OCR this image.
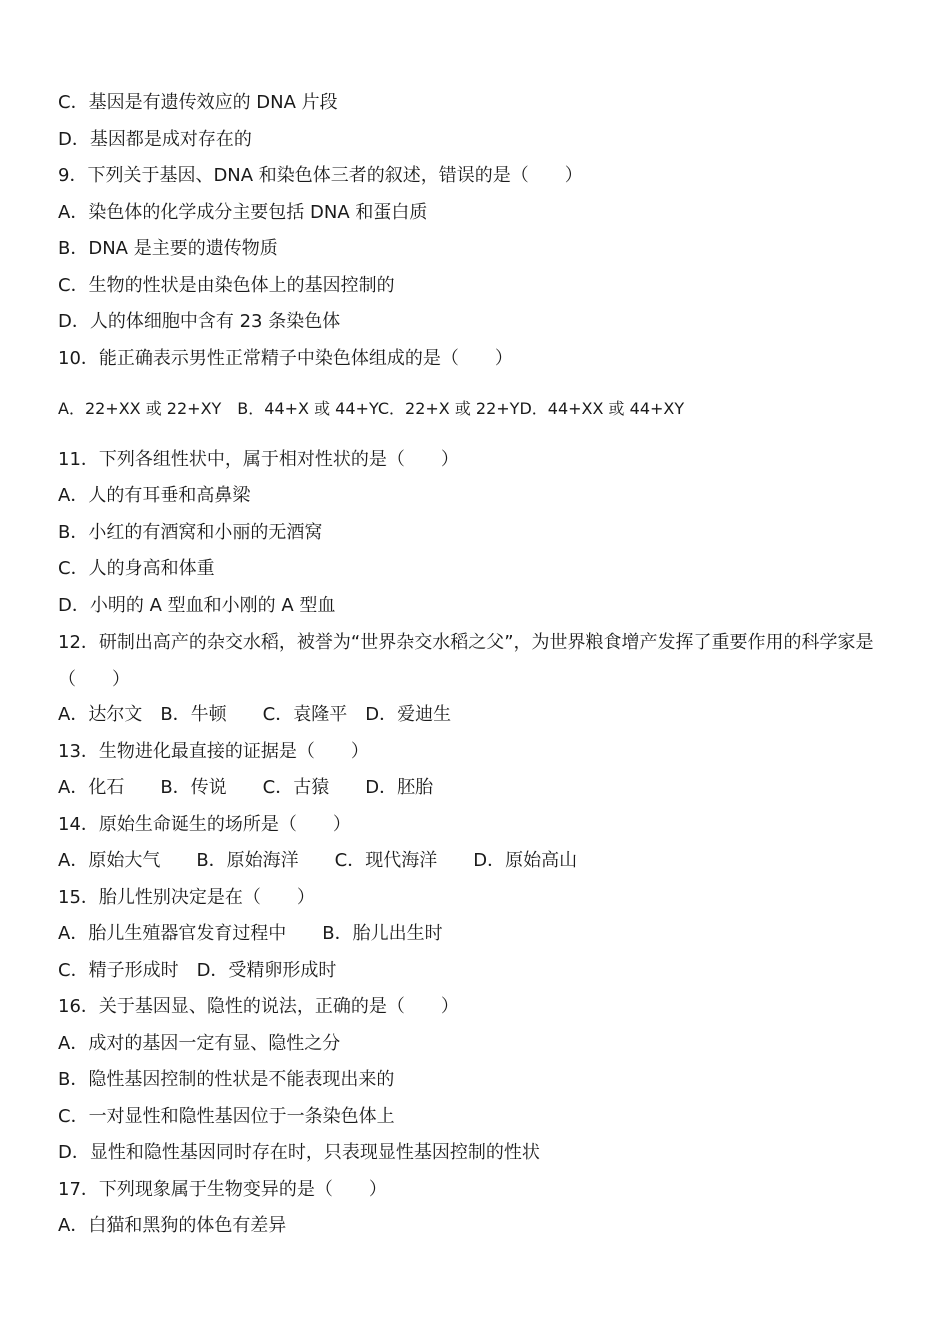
C．基因是有遗传效应的 DNA 片段
D．基因都是成对存在的
9．下列关于基因、DNA 和染色体三者的叙述，错误的是（　　）
A．染色体的化学成分主要包括 DNA 和蛋白质
B．DNA 是主要的遗传物质
C．生物的性状是由染色体上的基因控制的
D．人的体细胞中含有 23 条染色体
10．能正确表示男性正常精子中染色体组成的是（　　）
A．22+XX 或 22+XY　B．44+X 或 44+YC．22+X 或 22+YD．44+XX 或 44+XY
11．下列各组性状中，属于相对性状的是（　　）
A．人的有耳垂和高鼻梁
B．小红的有酒窝和小丽的无酒窝
C．人的身高和体重
D．小明的 A 型血和小刚的 A 型血
12．研制出高产的杂交水稻，被誉为“世界杂交水稻之父”，为世界粮食增产发挥了重要作用的科学家是（　　）
A．达尔文　B．牛顿　　C．袁隆平　D．爱迪生
13．生物进化最直接的证据是（　　）
A．化石　　B．传说　　C．古猿　　D．胚胎
14．原始生命诞生的场所是（　　）
A．原始大气　　B．原始海洋　　C．现代海洋　　D．原始高山
15．胎儿性别决定是在（　　）
A．胎儿生殖器官发育过程中　　B．胎儿出生时
C．精子形成时　D．受精卵形成时
16．关于基因显、隐性的说法，正确的是（　　）
A．成对的基因一定有显、隐性之分
B．隐性基因控制的性状是不能表现出来的
C．一对显性和隐性基因位于一条染色体上
D．显性和隐性基因同时存在时，只表现显性基因控制的性状
17．下列现象属于生物变异的是（　　）
A．白猫和黑狗的体色有差异
